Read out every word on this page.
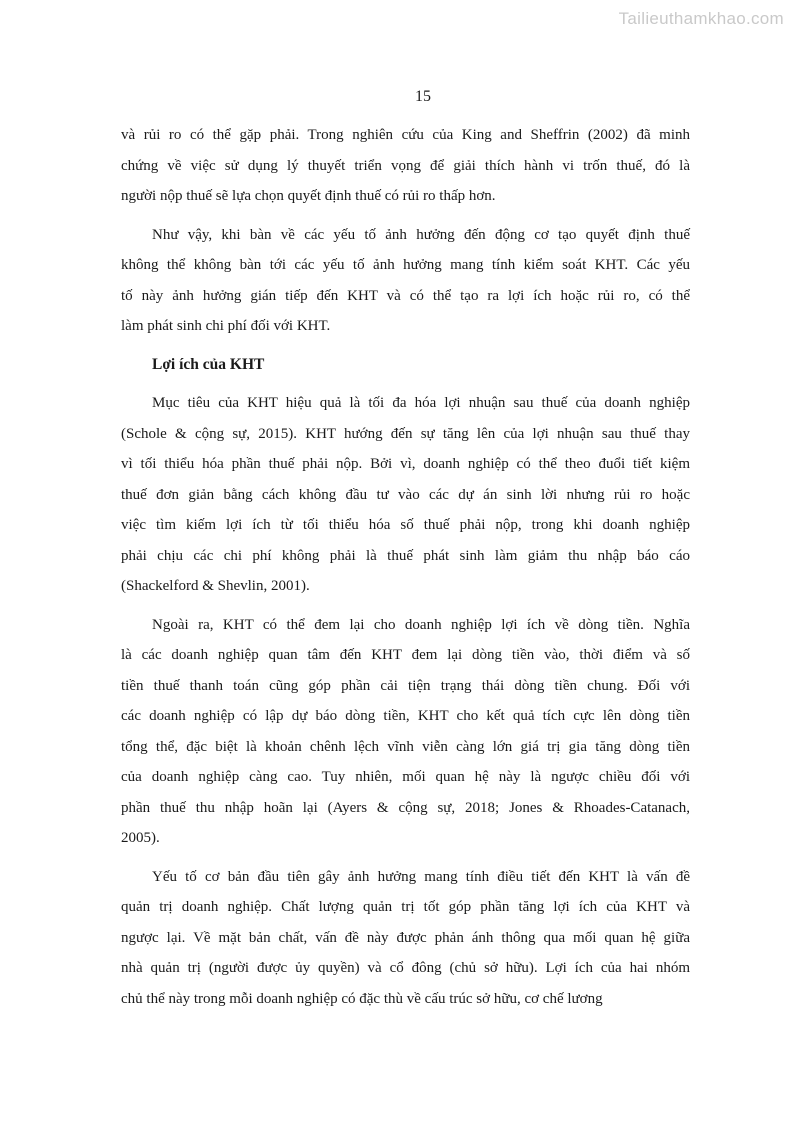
Tailieuthamkhao.com
15
và rủi ro có thể gặp phải. Trong nghiên cứu của King and Sheffrin (2002) đã minh
chứng về việc sử dụng lý thuyết triển vọng để giải thích hành vi trốn thuế, đó là
người nộp thuế sẽ lựa chọn quyết định thuế có rủi ro thấp hơn.
Như vậy, khi bàn về các yếu tố ảnh hưởng đến động cơ tạo quyết định thuế
không thể không bàn tới các yếu tố ảnh hưởng mang tính kiểm soát KHT. Các yếu
tố này ảnh hưởng gián tiếp đến KHT và có thể tạo ra lợi ích hoặc rủi ro, có thể
làm phát sinh chi phí đối với KHT.
Lợi ích của KHT
Mục tiêu của KHT hiệu quả là tối đa hóa lợi nhuận sau thuế của doanh nghiệp
(Schole & cộng sự, 2015). KHT hướng đến sự tăng lên của lợi nhuận sau thuế thay
vì tối thiểu hóa phần thuế phải nộp. Bởi vì, doanh nghiệp có thể theo đuổi tiết kiệm
thuế đơn giản bằng cách không đầu tư vào các dự án sinh lời nhưng rủi ro hoặc
việc tìm kiếm lợi ích từ tối thiểu hóa số thuế phải nộp, trong khi doanh nghiệp
phải chịu các chi phí không phải là thuế phát sinh làm giảm thu nhập báo cáo
(Shackelford & Shevlin, 2001).
Ngoài ra, KHT có thể đem lại cho doanh nghiệp lợi ích về dòng tiền. Nghĩa
là các doanh nghiệp quan tâm đến KHT đem lại dòng tiền vào, thời điểm và số
tiền thuế thanh toán cũng góp phần cải tiện trạng thái dòng tiền chung. Đối với
các doanh nghiệp có lập dự báo dòng tiền, KHT cho kết quả tích cực lên dòng tiền
tổng thể, đặc biệt là khoản chênh lệch vĩnh viễn càng lớn giá trị gia tăng dòng tiền
của doanh nghiệp càng cao. Tuy nhiên, mối quan hệ này là ngược chiều đối với
phần thuế thu nhập hoãn lại (Ayers & cộng sự, 2018; Jones & Rhoades-Catanach,
2005).
Yếu tố cơ bản đầu tiên gây ảnh hưởng mang tính điều tiết đến KHT là vấn đề
quản trị doanh nghiệp. Chất lượng quản trị tốt góp phần tăng lợi ích của KHT và
ngược lại. Về mặt bản chất, vấn đề này được phản ánh thông qua mối quan hệ giữa
nhà quản trị (người được ủy quyền) và cổ đông (chủ sở hữu). Lợi ích của hai nhóm
chủ thể này trong mỗi doanh nghiệp có đặc thù về cấu trúc sở hữu, cơ chế lương
